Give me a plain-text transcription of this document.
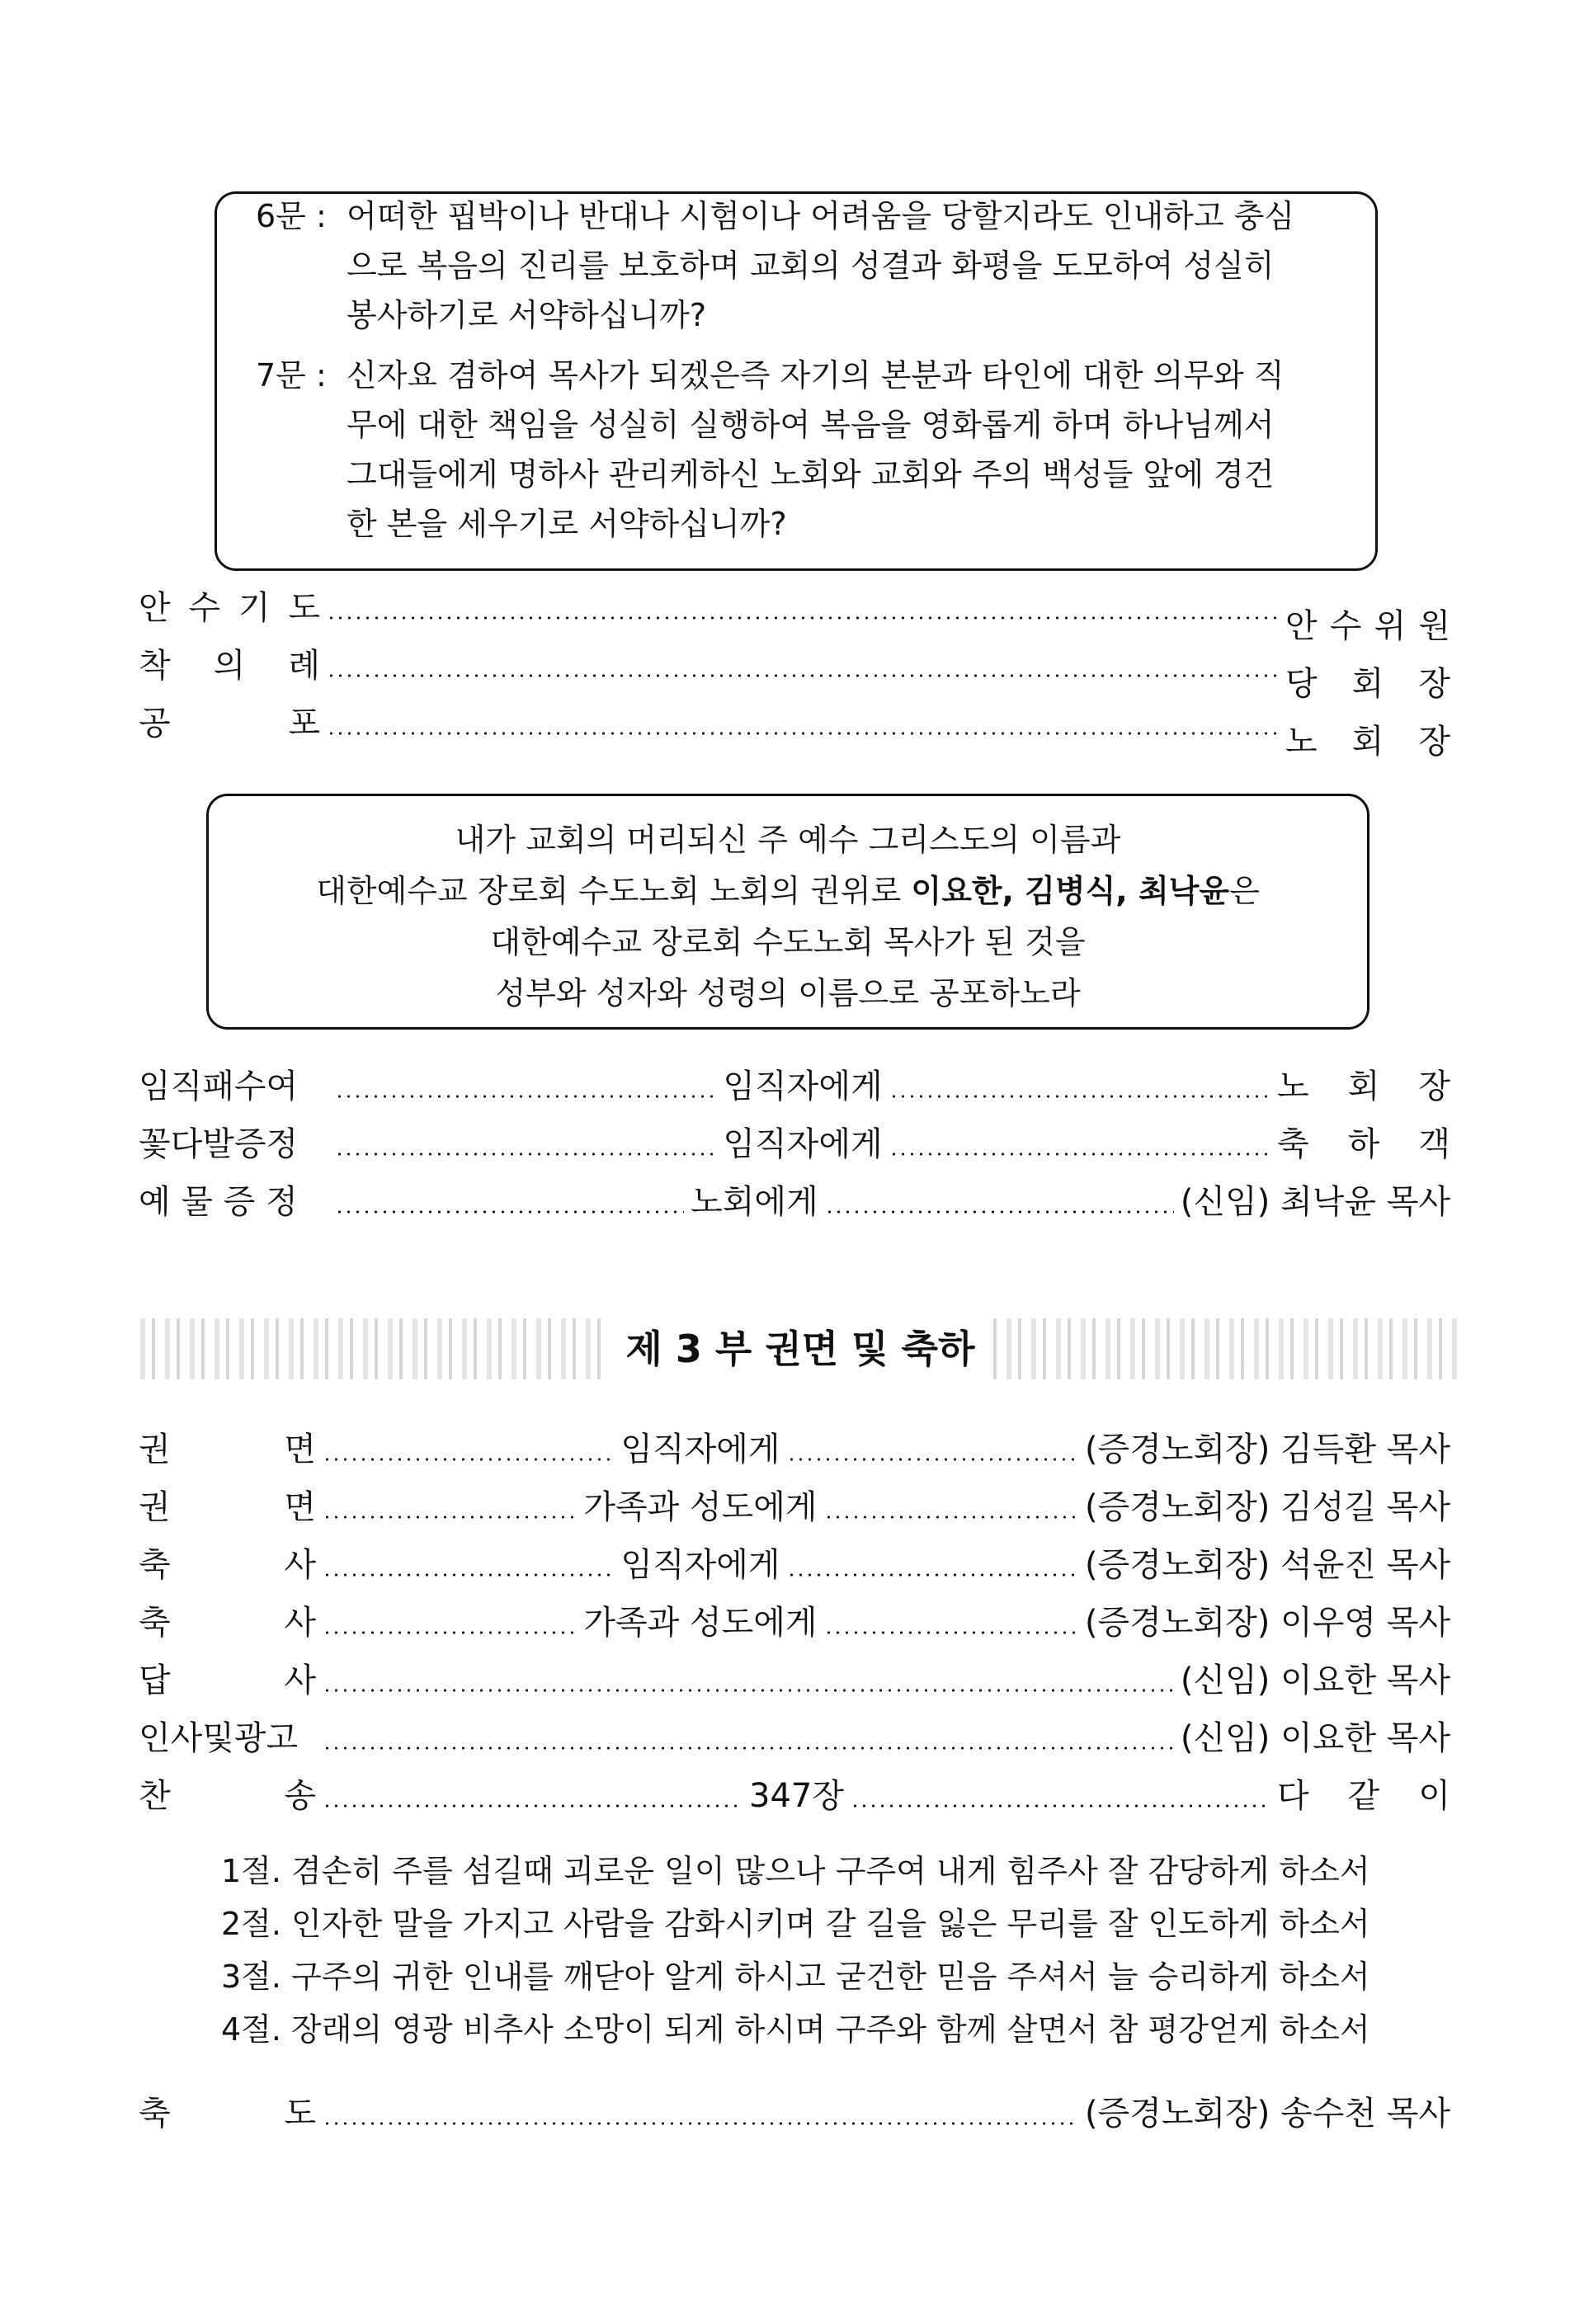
6문 : 어떠한 핍박이나 반대나 시험이나 어려움을 당할지라도 인내하고 충심
으로 복음의 진리를 보호하며 교회의 성결과 화평을 도모하여 성실히
봉사하기로 서약하십니까?
7문 : 신자요 겸하여 목사가 되겠은즉 자기의 본분과 타인에 대한 의무와 직
무에 대한 책임을 성실히 실행하여 복음을 영화롭게 하며 하나님께서
그대들에게 명하사 관리케하신 노회와 교회와 주의 백성들 앞에 경건
한 본을 세우기로 서약하십니까?
안 수 기 도	안 수 위 원
착 의 례	당 회 장
공	포	노 회 장
내가 교회의 머리되신 주 예수 그리스도의 이름과
대한예수교 장로회 수도노회 노회의 권위로 이요한, 김병식, 최낙윤은
대한예수교 장로회 수도노회 목사가 된 것을
성부와 성자와 성령의 이름으로 공포하노라
임직패수여	임직자에게	노 회 장
꽃다발증정	임직자에게	축 하 객
예 물 증 정	노회에게	(신임) 최낙윤 목사
제 3 부 권면 및 축하
권	면	임직자에게	(증경노회장) 김득환 목사
권	면	가족과 성도에게	(증경노회장) 김성길 목사
축	사	임직자에게	(증경노회장) 석윤진 목사
축	사	가족과 성도에게	(증경노회장) 이우영 목사
답	사	(신임) 이요한 목사
인사및광고	(신임) 이요한 목사
찬	송	347장	다 같 이
1절. 겸손히 주를 섬길때 괴로운 일이 많으나 구주여 내게 힘주사 잘 감당하게 하소서
2절. 인자한 말을 가지고 사람을 감화시키며 갈 길을 잃은 무리를 잘 인도하게 하소서
3절. 구주의 귀한 인내를 깨닫아 알게 하시고 굳건한 믿음 주셔서 늘 승리하게 하소서
4절. 장래의 영광 비추사 소망이 되게 하시며 구주와 함께 살면서 참 평강얻게 하소서
축	도	(증경노회장) 송수천 목사
